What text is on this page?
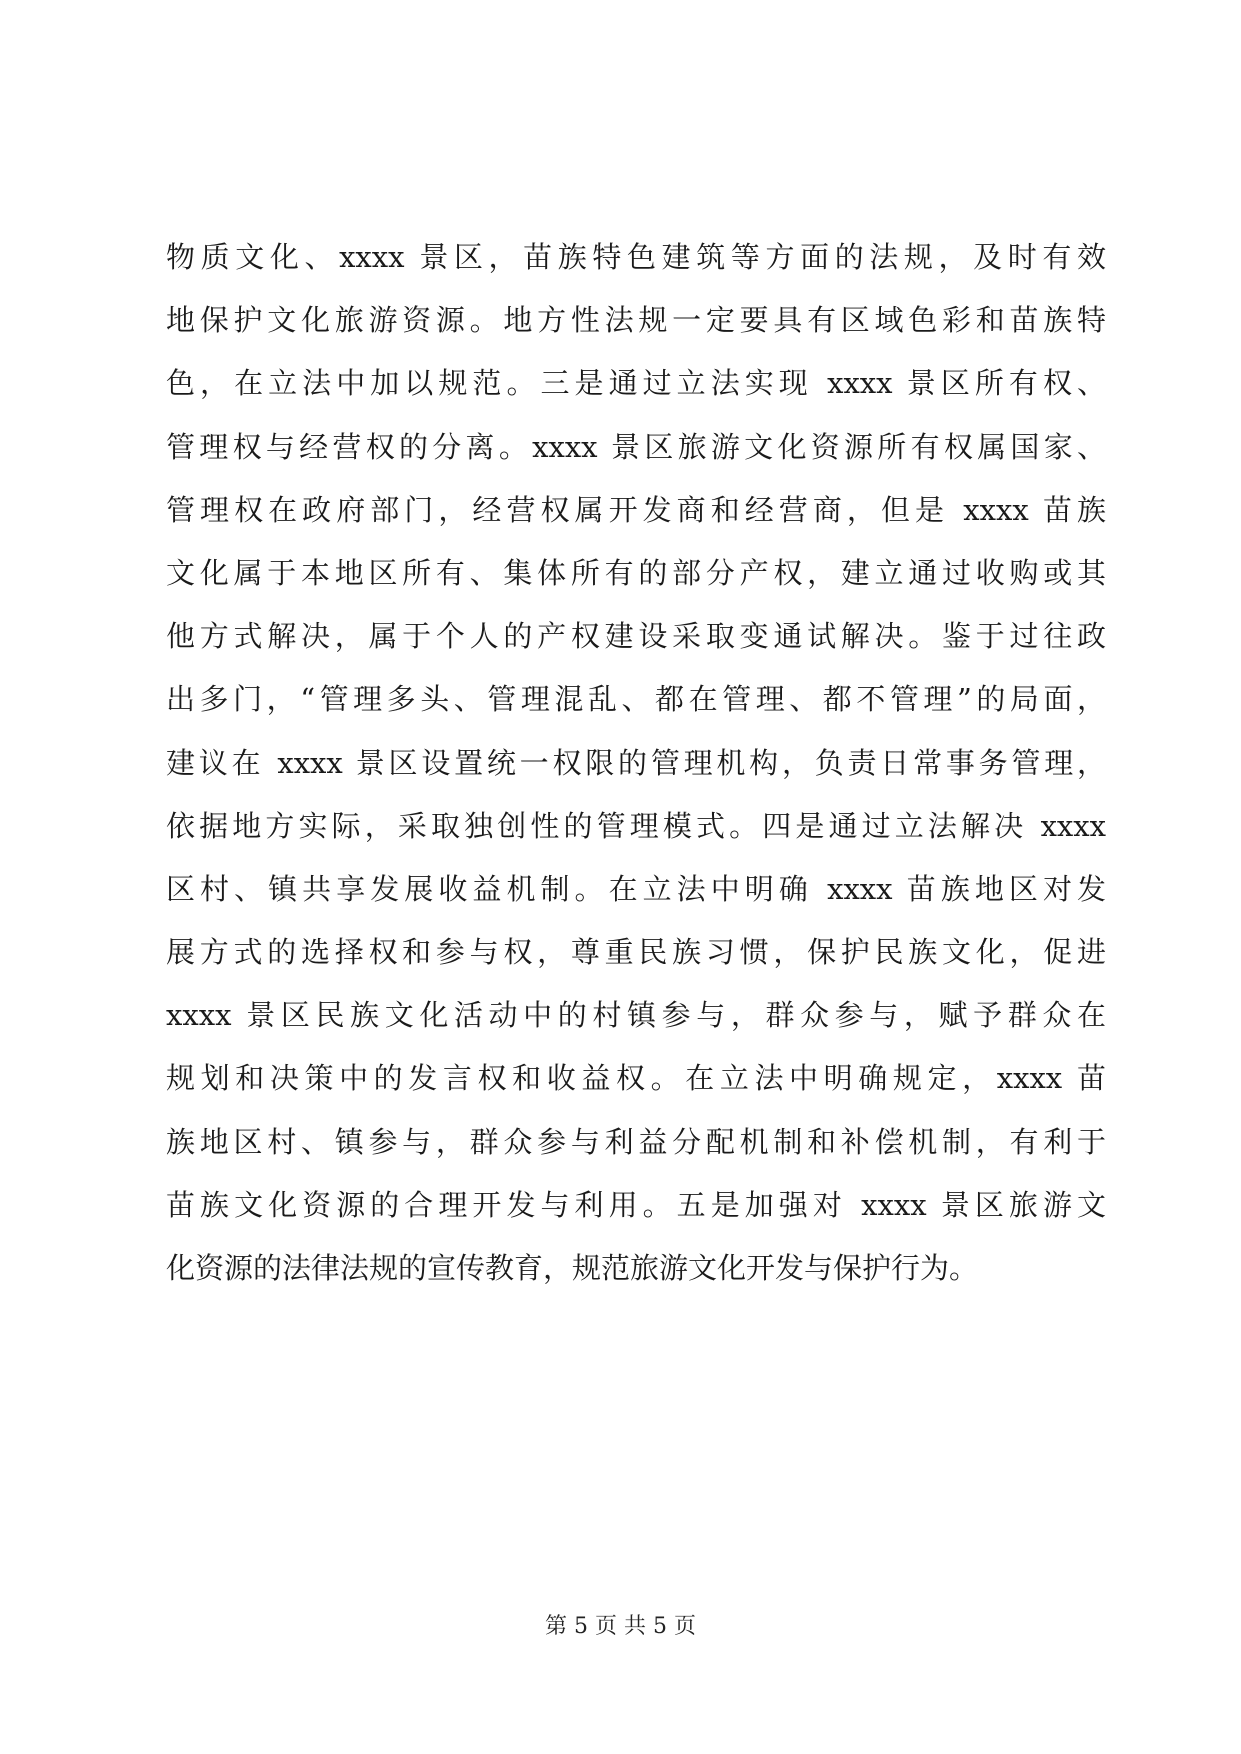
物质文化、xxxx 景区，苗族特色建筑等方面的法规，及时有效
地保护文化旅游资源。地方性法规一定要具有区域色彩和苗族特
色，在立法中加以规范。三是通过立法实现 xxxx 景区所有权、
管理权与经营权的分离。xxxx 景区旅游文化资源所有权属国家、
管理权在政府部门，经营权属开发商和经营商，但是 xxxx 苗族
文化属于本地区所有、集体所有的部分产权，建立通过收购或其
他方式解决，属于个人的产权建设采取变通试解决。鉴于过往政
出多门，“管理多头、管理混乱、都在管理、都不管理”的局面，
建议在 xxxx 景区设置统一权限的管理机构，负责日常事务管理，
依据地方实际，采取独创性的管理模式。四是通过立法解决 xxxx
区村、镇共享发展收益机制。在立法中明确 xxxx 苗族地区对发
展方式的选择权和参与权，尊重民族习惯，保护民族文化，促进
xxxx 景区民族文化活动中的村镇参与，群众参与，赋予群众在
规划和决策中的发言权和收益权。在立法中明确规定，xxxx 苗
族地区村、镇参与，群众参与利益分配机制和补偿机制，有利于
苗族文化资源的合理开发与利用。五是加强对 xxxx 景区旅游文
化资源的法律法规的宣传教育，规范旅游文化开发与保护行为。
第 5 页 共 5 页
